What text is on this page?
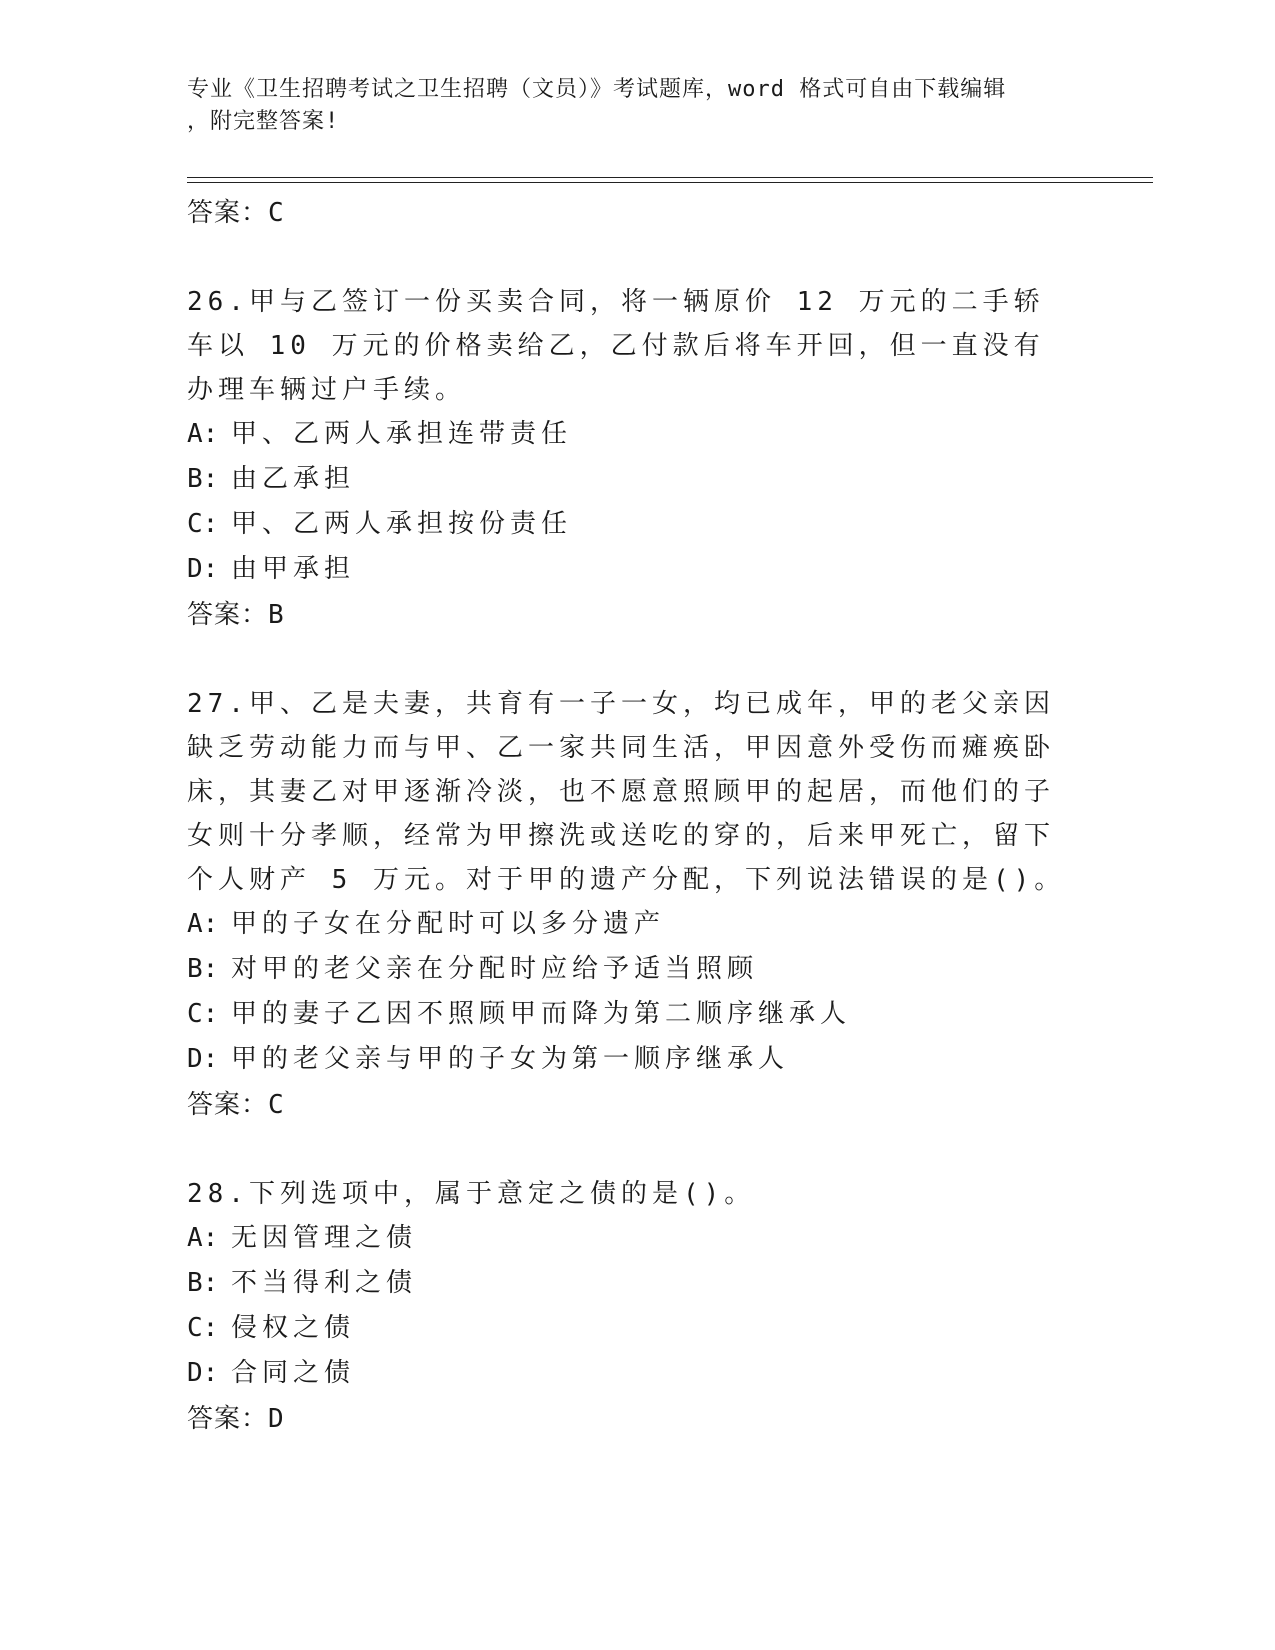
专业《卫生招聘考试之卫生招聘（文员）》考试题库，word 格式可自由下载编辑
，附完整答案!
答案：C
26.甲与乙签订一份买卖合同，将一辆原价 12 万元的二手轿车以 10 万元的价格卖给乙，乙付款后将车开回，但一直没有办理车辆过户手续。
A: 甲、乙两人承担连带责任
B: 由乙承担
C: 甲、乙两人承担按份责任
D: 由甲承担
答案：B
27.甲、乙是夫妻，共育有一子一女，均已成年，甲的老父亲因缺乏劳动能力而与甲、乙一家共同生活，甲因意外受伤而瘫痪卧床，其妻乙对甲逐渐冷淡，也不愿意照顾甲的起居，而他们的子女则十分孝顺，经常为甲擦洗或送吃的穿的，后来甲死亡，留下个人财产 5 万元。对于甲的遗产分配，下列说法错误的是()。
A: 甲的子女在分配时可以多分遗产
B: 对甲的老父亲在分配时应给予适当照顾
C: 甲的妻子乙因不照顾甲而降为第二顺序继承人
D: 甲的老父亲与甲的子女为第一顺序继承人
答案：C
28.下列选项中，属于意定之债的是()。
A: 无因管理之债
B: 不当得利之债
C: 侵权之债
D: 合同之债
答案：D
